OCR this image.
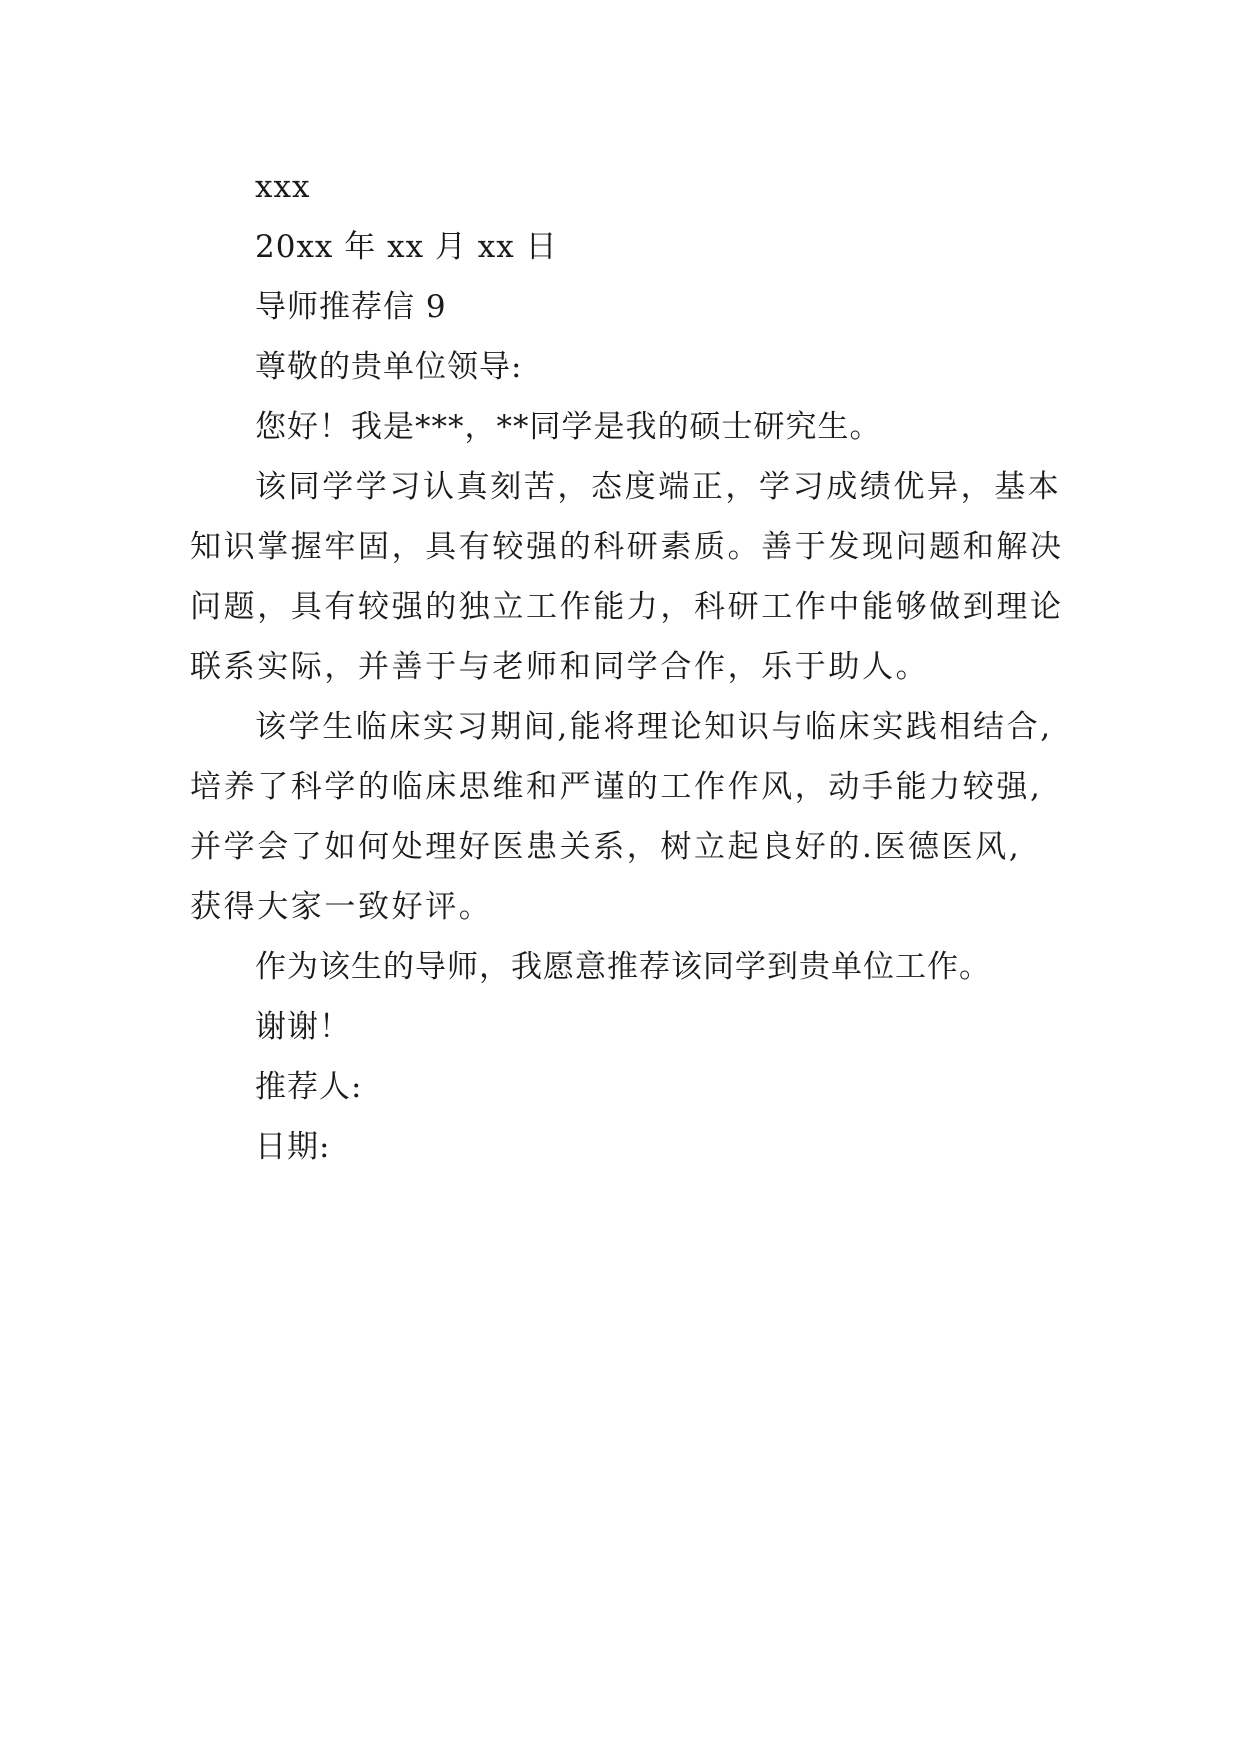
xxx
20xx 年 xx 月 xx 日
导师推荐信 9
尊敬的贵单位领导:
您好！我是***，**同学是我的硕士研究生。
该同学学习认真刻苦，态度端正，学习成绩优异，基本
知识掌握牢固，具有较强的科研素质。善于发现问题和解决
问题，具有较强的独立工作能力，科研工作中能够做到理论
联系实际，并善于与老师和同学合作，乐于助人。
该学生临床实习期间,能将理论知识与临床实践相结合,
培养了科学的临床思维和严谨的工作作风，动手能力较强,
并学会了如何处理好医患关系，树立起良好的.医德医风,
获得大家一致好评。
作为该生的导师，我愿意推荐该同学到贵单位工作。
谢谢！
推荐人:
日期:
